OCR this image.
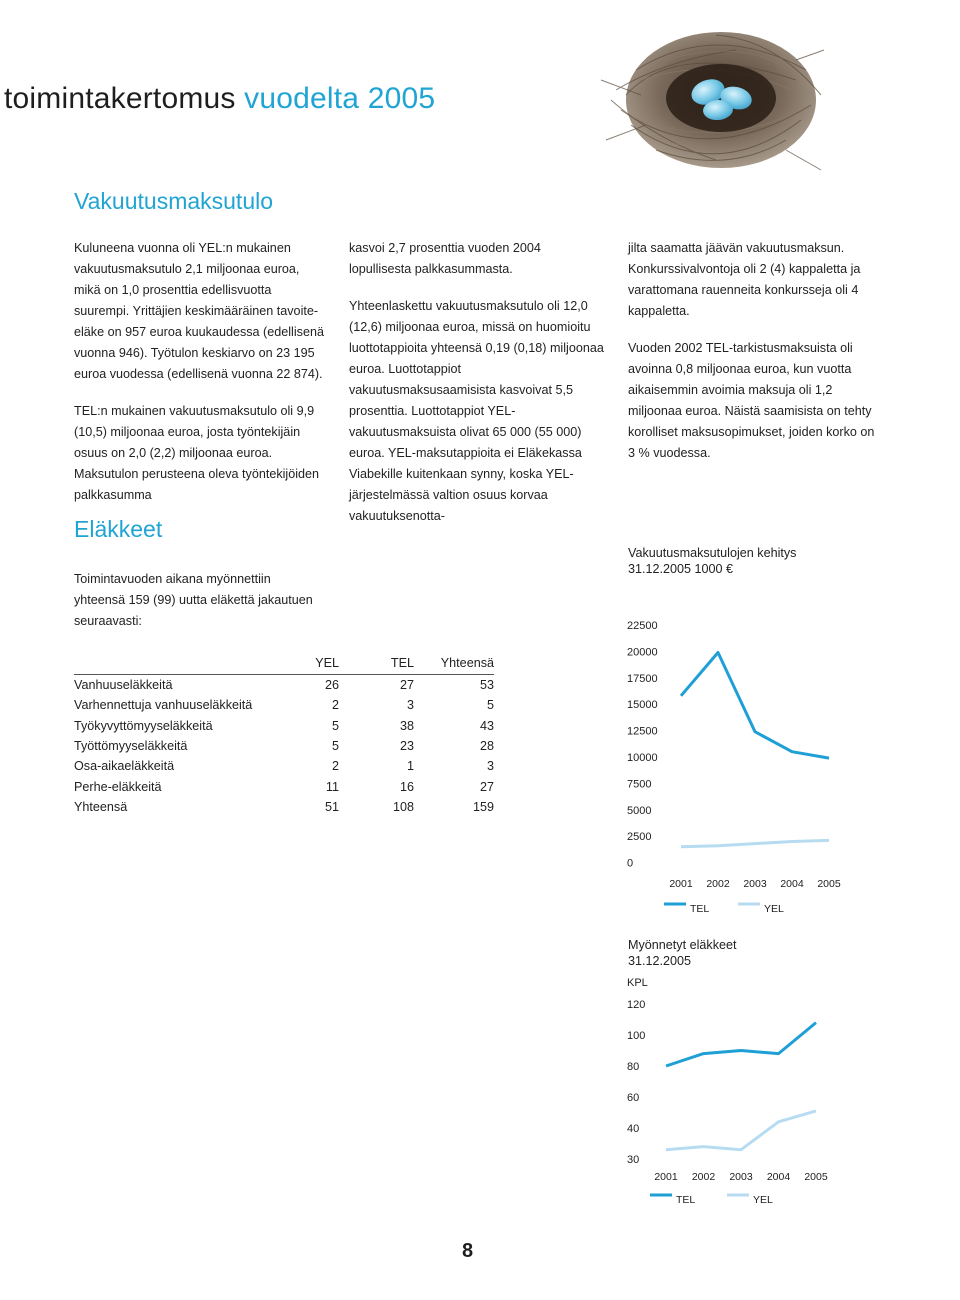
toimintakertomus vuodelta 2005
Vakuutusmaksutulo

Kuluneena vuonna oli YEL:n mukainen vakuutusmaksutulo 2,1 miljoonaa euroa, mikä on 1,0 prosenttia edellisvuotta suurempi. Yrittäjien keskimääräinen tavoite-eläke on 957 euroa kuukaudessa (edellisenä vuonna 946). Työtulon keskiarvo on 23 195 euroa vuodessa (edellisenä vuonna 22 874).

TEL:n mukainen vakuutusmaksutulo oli 9,9 (10,5) miljoonaa euroa, josta työntekijäin osuus on 2,0 (2,2) miljoonaa euroa. Maksutulon perusteena oleva työntekijöiden palkkasumma

kasvoi 2,7 prosenttia vuoden 2004 lopullisesta palkkasummasta.

Yhteenlaskettu vakuutusmaksutulo oli 12,0 (12,6) miljoonaa euroa, missä on huomioitu luottotappioita yhteensä 0,19 (0,18) miljoonaa euroa. Luottotappiot vakuutusmaksusaamisista kasvoivat 5,5 prosenttia. Luottotappiot YEL-vakuutusmaksuista olivat 65 000 (55 000) euroa. YEL-maksutappioita ei Eläkekassa Viabekille kuitenkaan synny, koska YEL-järjestelmässä valtion osuus korvaa vakuutuksenotta-

jilta saamatta jäävän vakuutusmaksun. Konkurssivalvontoja oli 2 (4) kappaletta ja varattomana rauenneita konkursseja oli 4 kappaletta.

Vuoden 2002 TEL-tarkistusmaksuista oli avoinna 0,8 miljoonaa euroa, kun vuotta aikaisemmin avoimia maksuja oli 1,2 miljoonaa euroa. Näistä saamisista on tehty korolliset maksusopimukset, joiden korko on 3 % vuodessa.

Eläkkeet
Toimintavuoden aikana myönnettiin yhteensä 159 (99) uutta eläkettä jakautuen seuraavasti:
	YEL	TEL	Yhteensä
Vanhuuseläkkeitä	26	27	53
Varhennettuja vanhuuseläkkeitä	2	3	5
Työkyvyttömyyseläkkeitä	5	38	43
Työttömyyseläkkeitä	5	23	28
Osa-aikaeläkkeitä	2	1	3
Perhe-eläkkeitä	11	16	27
Yhteensä	51	108	159
Vakuutusmaksutulojen kehitys
31.12.2005 1000 €
22500
20000
17500
15000
12500
10000
7500
5000
2500
0
2001 2002 2003 2004 2005
TEL	YEL
Myönnetyt eläkkeet
31.12.2005
120
100
80
60
40
30
2001 2002 2003 2004 2005
TEL	YEL
KPL
8
